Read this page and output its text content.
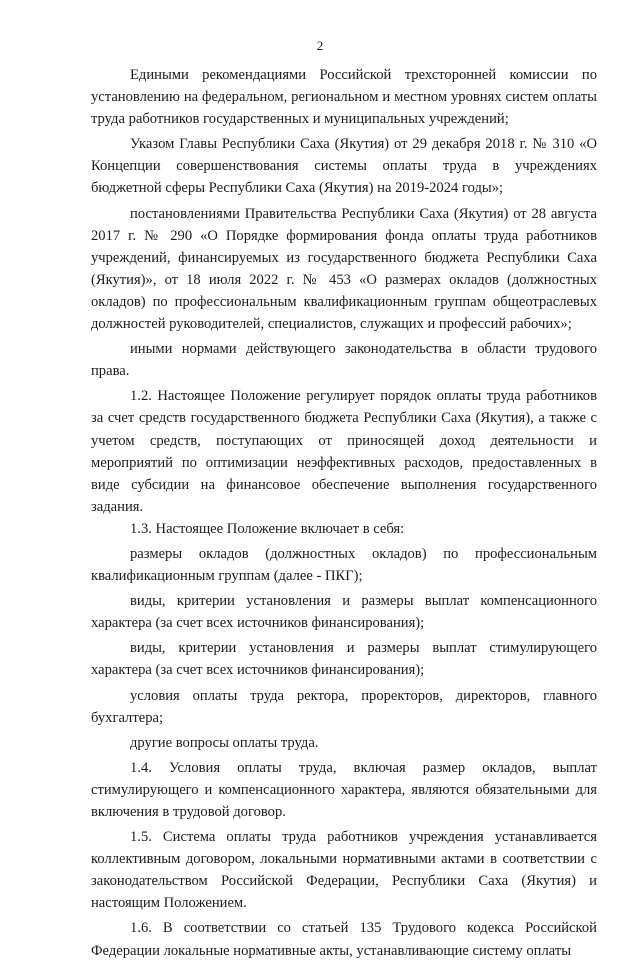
2

Едиными рекомендациями Российской трехсторонней комиссии по установлению на федеральном, региональном и местном уровнях систем оплаты труда работников государственных и муниципальных учреждений;

Указом Главы Республики Саха (Якутия) от 29 декабря 2018 г. № 310 «О Концепции совершенствования системы оплаты труда в учреждениях бюджетной сферы Республики Саха (Якутия) на 2019-2024 годы»;

постановлениями Правительства Республики Саха (Якутия) от 28 августа 2017 г. № 290 «О Порядке формирования фонда оплаты труда работников учреждений, финансируемых из государственного бюджета Республики Саха (Якутия)», от 18 июля 2022 г. № 453 «О размерах окладов (должностных окладов) по профессиональным квалификационным группам общеотраслевых должностей руководителей, специалистов, служащих и профессий рабочих»;

иными нормами действующего законодательства в области трудового права.

1.2. Настоящее Положение регулирует порядок оплаты труда работников за счет средств государственного бюджета Республики Саха (Якутия), а также с учетом средств, поступающих от приносящей доход деятельности и мероприятий по оптимизации неэффективных расходов, предоставленных в виде субсидии на финансовое обеспечение выполнения государственного задания.

1.3. Настоящее Положение включает в себя:

размеры окладов (должностных окладов) по профессиональным квалификационным группам (далее - ПКГ);

виды, критерии установления и размеры выплат компенсационного характера (за счет всех источников финансирования);

виды, критерии установления и размеры выплат стимулирующего характера (за счет всех источников финансирования);

условия оплаты труда ректора, проректоров, директоров, главного бухгалтера;

другие вопросы оплаты труда.

1.4. Условия оплаты труда, включая размер окладов, выплат стимулирующего и компенсационного характера, являются обязательными для включения в трудовой договор.

1.5. Система оплаты труда работников учреждения устанавливается коллективным договором, локальными нормативными актами в соответствии с законодательством Российской Федерации, Республики Саха (Якутия) и настоящим Положением.

1.6. В соответствии со статьей 135 Трудового кодекса Российской Федерации локальные нормативные акты, устанавливающие систему оплаты
